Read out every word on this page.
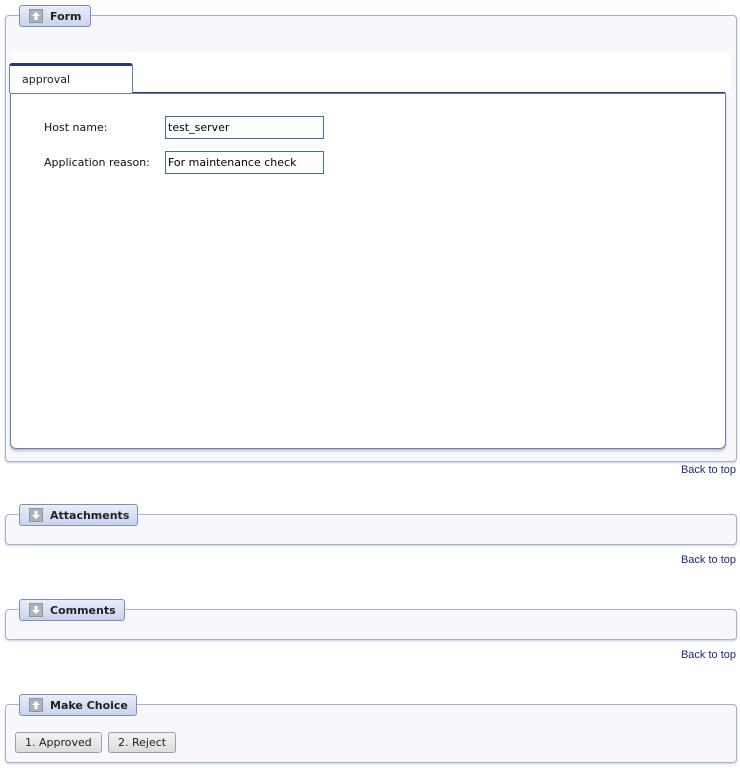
Form
approval
Host name:
test_server
Application reason:
For maintenance check
Back to top
Attachments
Back to top
Comments
Back to top
Make Choice
1. Approved	2. Reject
